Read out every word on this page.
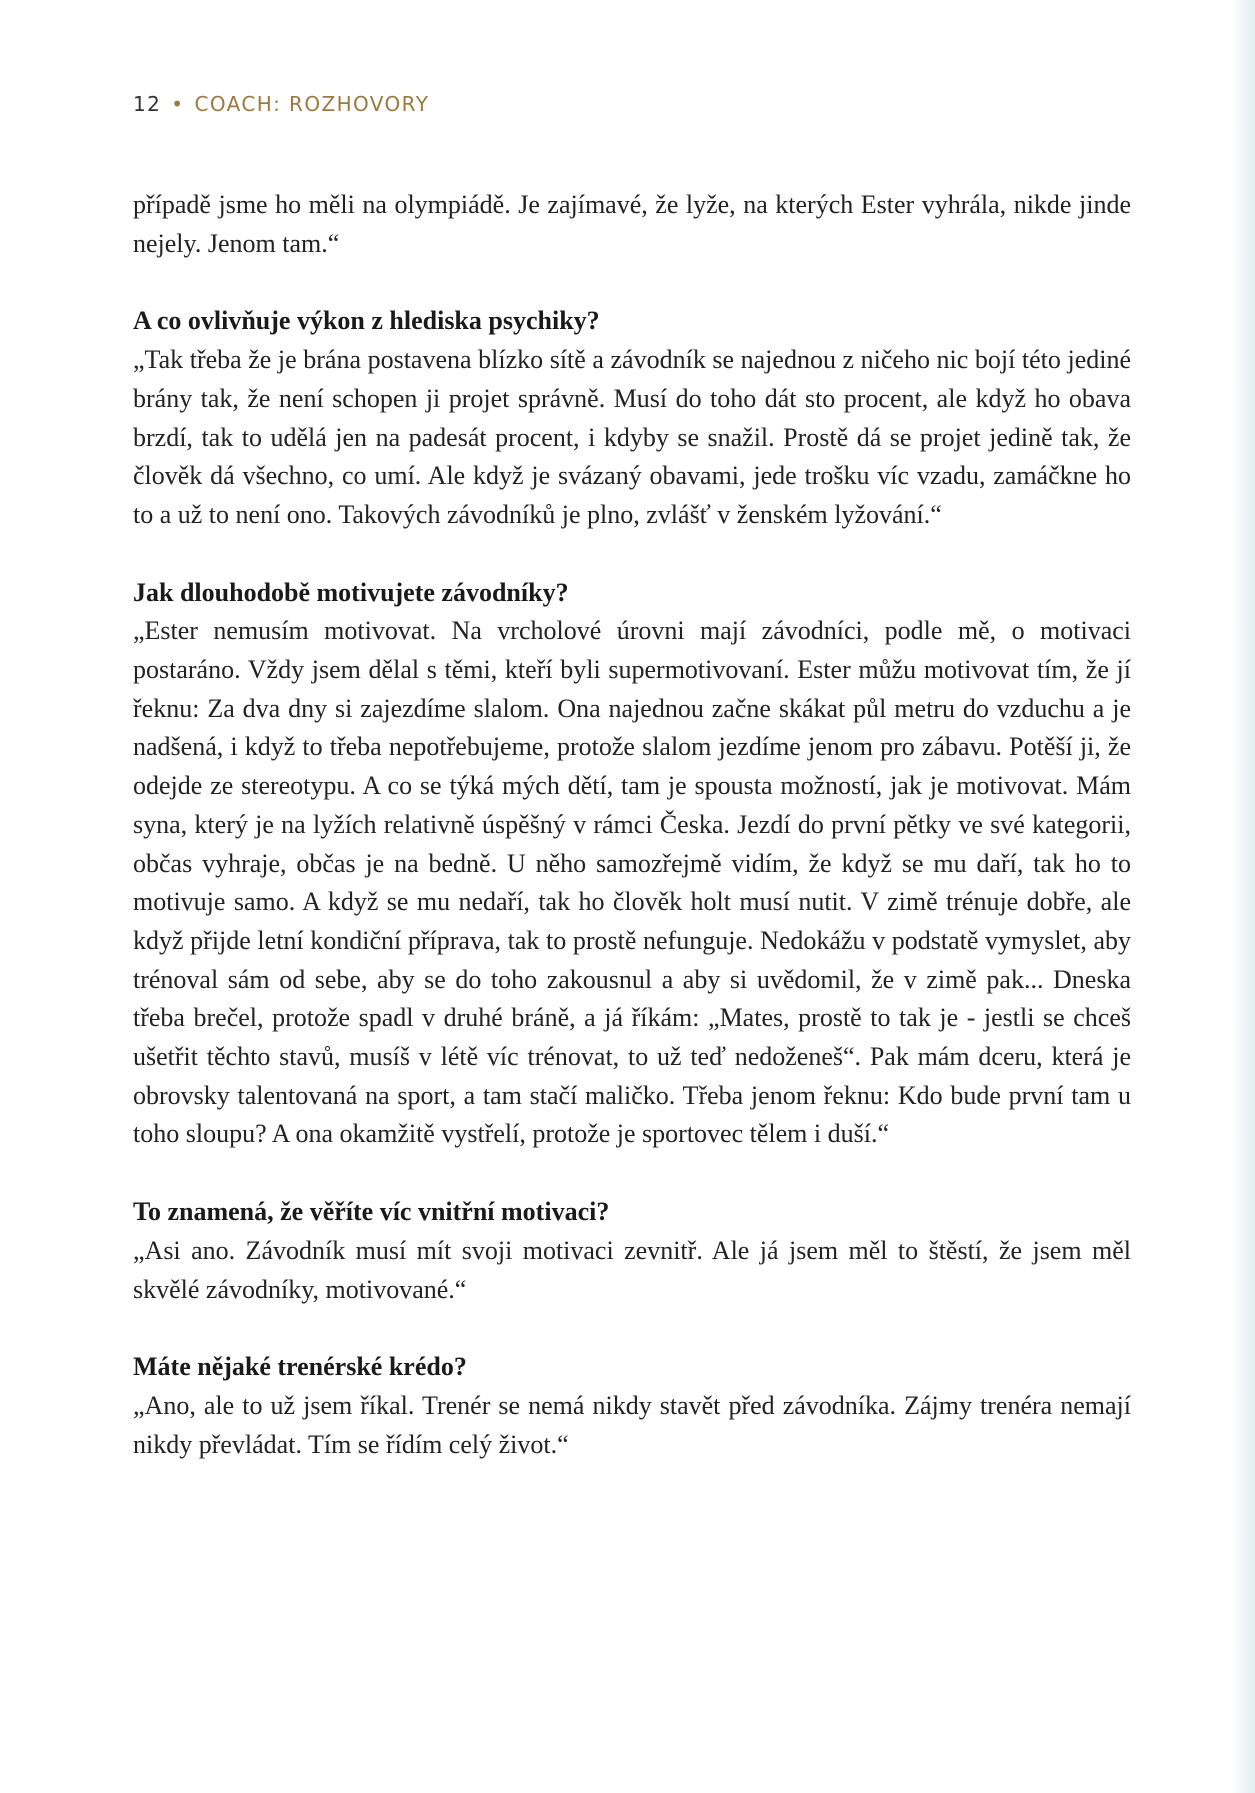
12 • COACH: ROZHOVORY

případě jsme ho měli na olympiádě. Je zajímavé, že lyže, na kterých Ester vyhrála, nikde jinde nejely. Jenom tam.“

A co ovlivňuje výkon z hlediska psychiky?

„Tak třeba že je brána postavena blízko sítě a závodník se najednou z ničeho nic bojí této jediné brány tak, že není schopen ji projet správně. Musí do toho dát sto procent, ale když ho obava brzdí, tak to udělá jen na padesát procent, i kdyby se snažil. Prostě dá se projet jedině tak, že člověk dá všechno, co umí. Ale když je svázaný obavami, jede trošku víc vzadu, zamáčkne ho to a už to není ono. Takových závodníků je plno, zvlášť v ženském lyžování.“

Jak dlouhodobě motivujete závodníky?

„Ester nemusím motivovat. Na vrcholové úrovni mají závodníci, podle mě, o motivaci postaráno. Vždy jsem dělal s těmi, kteří byli supermotivovaní. Ester můžu motivovat tím, že jí řeknu: Za dva dny si zajezdíme slalom. Ona najednou začne skákat půl metru do vzduchu a je nadšená, i když to třeba nepotřebujeme, protože slalom jezdíme jenom pro zábavu. Potěší ji, že odejde ze stereotypu. A co se týká mých dětí, tam je spousta možností, jak je motivovat. Mám syna, který je na lyžích relativně úspěšný v rámci Česka. Jezdí do první pětky ve své kategorii, občas vyhraje, občas je na bedně. U něho samozřejmě vidím, že když se mu daří, tak ho to motivuje samo. A když se mu nedaří, tak ho člověk holt musí nutit. V zimě trénuje dobře, ale když přijde letní kondiční příprava, tak to prostě nefunguje. Nedokážu v podstatě vymyslet, aby trénoval sám od sebe, aby se do toho zakousnul a aby si uvědomil, že v zimě pak... Dneska třeba brečel, protože spadl v druhé bráně, a já říkám: „Mates, prostě to tak je - jestli se chceš ušetřit těchto stavů, musíš v létě víc trénovat, to už teď nedoženeš“. Pak mám dceru, která je obrovsky talentovaná na sport, a tam stačí maličko. Třeba jenom řeknu: Kdo bude první tam u toho sloupu? A ona okamžitě vystřelí, protože je sportovec tělem i duší.“

To znamená, že věříte víc vnitřní motivaci?

„Asi ano. Závodník musí mít svoji motivaci zevnitř. Ale já jsem měl to štěstí, že jsem měl skvělé závodníky, motivované.“

Máte nějaké trenérské krédo?

„Ano, ale to už jsem říkal. Trenér se nemá nikdy stavět před závodníka. Zájmy trenéra nemají nikdy převládat. Tím se řídím celý život.“
